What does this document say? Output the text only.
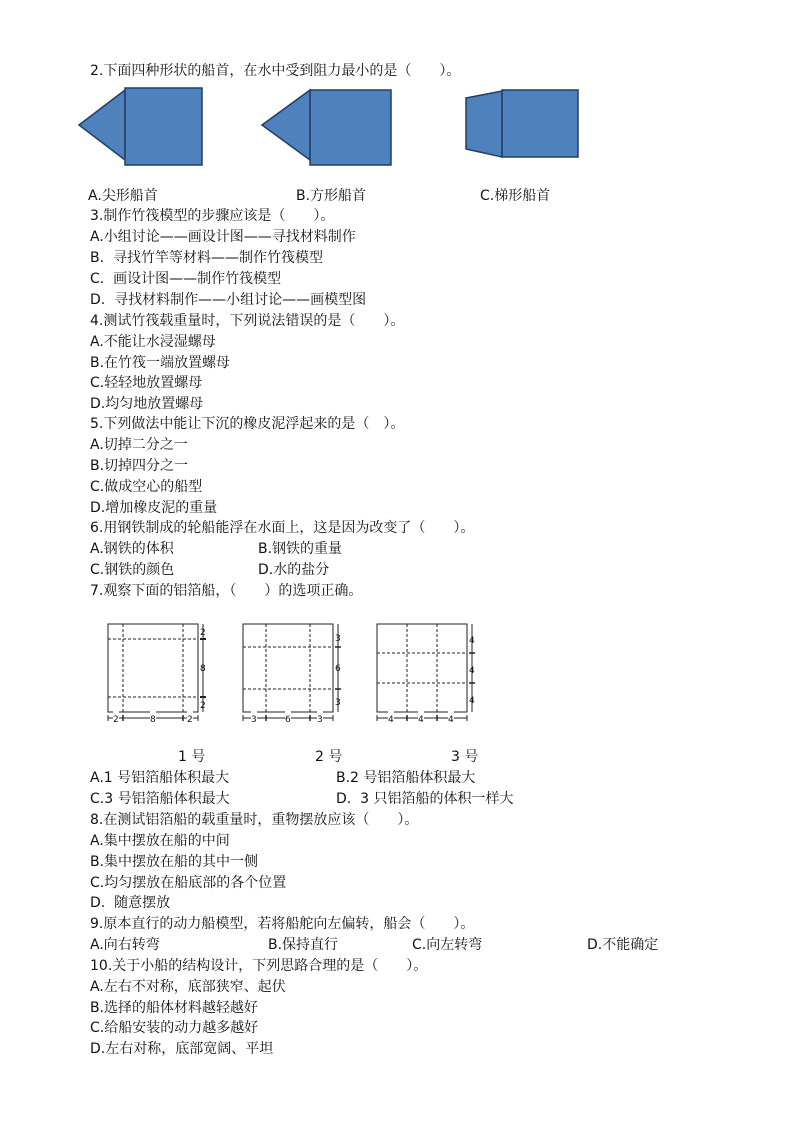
2.下面四种形状的船首，在水中受到阻力最小的是（　　）。
A.尖形船首	B.方形船首	C.梯形船首
3.制作竹筏模型的步骤应该是（　　）。
A.小组讨论——画设计图——寻找材料制作
B.  寻找竹竿等材料——制作竹筏模型
C.  画设计图——制作竹筏模型
D.  寻找材料制作——小组讨论——画模型图
4.测试竹筏载重量时，下列说法错误的是（　　）。
A.不能让水浸湿螺母
B.在竹筏一端放置螺母
C.轻轻地放置螺母
D.均匀地放置螺母
5.下列做法中能让下沉的橡皮泥浮起来的是（　）。
A.切掉二分之一
B.切掉四分之一
C.做成空心的船型
D.增加橡皮泥的重量
6.用钢铁制成的轮船能浮在水面上，这是因为改变了（　　）。
A.钢铁的体积	B.钢铁的重量
C.钢铁的颜色	D.水的盐分
7.观察下面的铝箔船，（　　）的选项正确。
2
8
2
2	8	2
3
6
3
3	6	3
4
4
4
4	4	4
1 号	2 号	3 号
A.1 号铝箔船体积最大	B.2 号铝箔船体积最大
C.3 号铝箔船体积最大	D.  3 只铝箔船的体积一样大
8.在测试铝箔船的载重量时，重物摆放应该（　　）。
A.集中摆放在船的中间
B.集中摆放在船的其中一侧
C.均匀摆放在船底部的各个位置
D.  随意摆放
9.原本直行的动力船模型，若将船舵向左偏转，船会（　　）。
A.向右转弯	B.保持直行	C.向左转弯	D.不能确定
10.关于小船的结构设计，下列思路合理的是（　　）。
A.左右不对称，底部狭窄、起伏
B.选择的船体材料越轻越好
C.给船安装的动力越多越好
D.左右对称，底部宽阔、平坦
